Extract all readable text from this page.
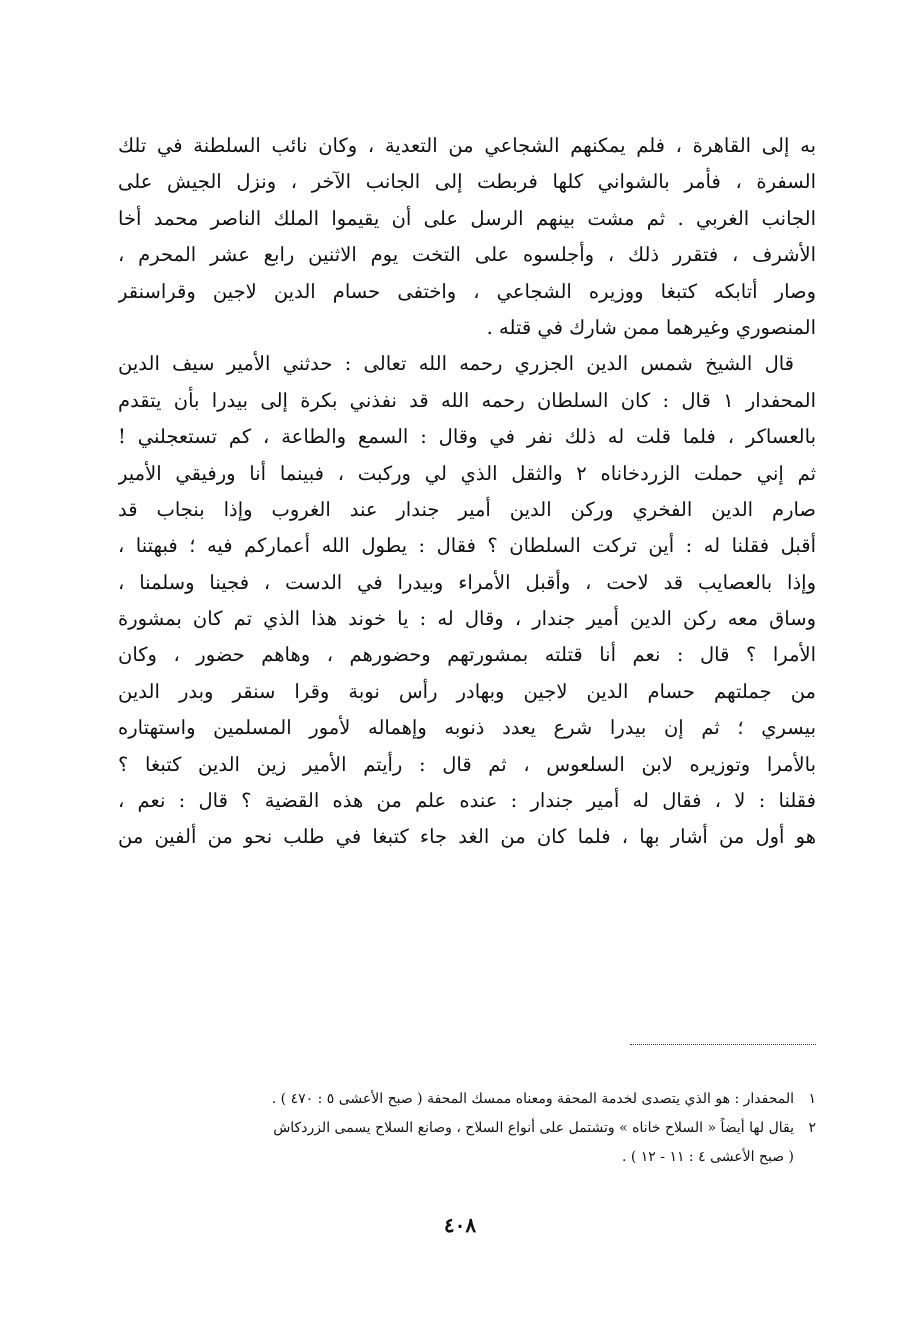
به إلى القاهرة ، فلم يمكنهم الشجاعي من التعدية ، وكان نائب السلطنة في تلك
السفرة ، فأمر بالشواني كلها فربطت إلى الجانب الآخر ، ونزل الجيش على
الجانب الغربي . ثم مشت بينهم الرسل على أن يقيموا الملك الناصر محمد أخا
الأشرف ، فتقرر ذلك ، وأجلسوه على التخت يوم الاثنين رابع عشر المحرم ،
وصار أتابكه كتبغا ووزيره الشجاعي ، واختفى حسام الدين لاجين وقراسنقر
المنصوري وغيرهما ممن شارك في قتله .
قال الشيخ شمس الدين الجزري رحمه الله تعالى : حدثني الأمير سيف الدين
المحفدار ١ قال : كان السلطان رحمه الله قد نفذني بكرة إلى بيدرا بأن يتقدم
بالعساكر ، فلما قلت له ذلك نفر في وقال : السمع والطاعة ، كم تستعجلني !
ثم إني حملت الزردخاناه ٢ والثقل الذي لي وركبت ، فبينما أنا ورفيقي الأمير
صارم الدين الفخري وركن الدين أمير جندار عند الغروب وإذا بنجاب قد
أقبل فقلنا له : أين تركت السلطان ؟ فقال : يطول الله أعماركم فيه ؛ فبهتنا ،
وإذا بالعصايب قد لاحت ، وأقبل الأمراء وبيدرا في الدست ، فجينا وسلمنا ،
وساق معه ركن الدين أمير جندار ، وقال له : يا خوند هذا الذي تم كان بمشورة
الأمرا ؟ قال : نعم أنا قتلته بمشورتهم وحضورهم ، وهاهم حضور ، وكان
من جملتهم حسام الدين لاجين وبهادر رأس نوبة وقرا سنقر وبدر الدين
بيسري ؛ ثم إن بيدرا شرع يعدد ذنوبه وإهماله لأمور المسلمين واستهتاره
بالأمرا وتوزيره لابن السلعوس ، ثم قال : رأيتم الأمير زين الدين كتبغا ؟
فقلنا : لا ، فقال له أمير جندار : عنده علم من هذه القضية ؟ قال : نعم ،
هو أول من أشار بها ، فلما كان من الغد جاء كتبغا في طلب نحو من ألفين من
١المحفدار : هو الذي يتصدى لخدمة المحفة ومعناه ممسك المحفة ( صبح الأعشى ٥ : ٤٧٠ ) .
٢يقال لها أيضاً « السلاح خاناه » وتشتمل على أنواع السلاح ، وصانع السلاح يسمى الزردكاش
( صبح الأعشى ٤ : ١١ - ١٢ ) .
٤٠٨
